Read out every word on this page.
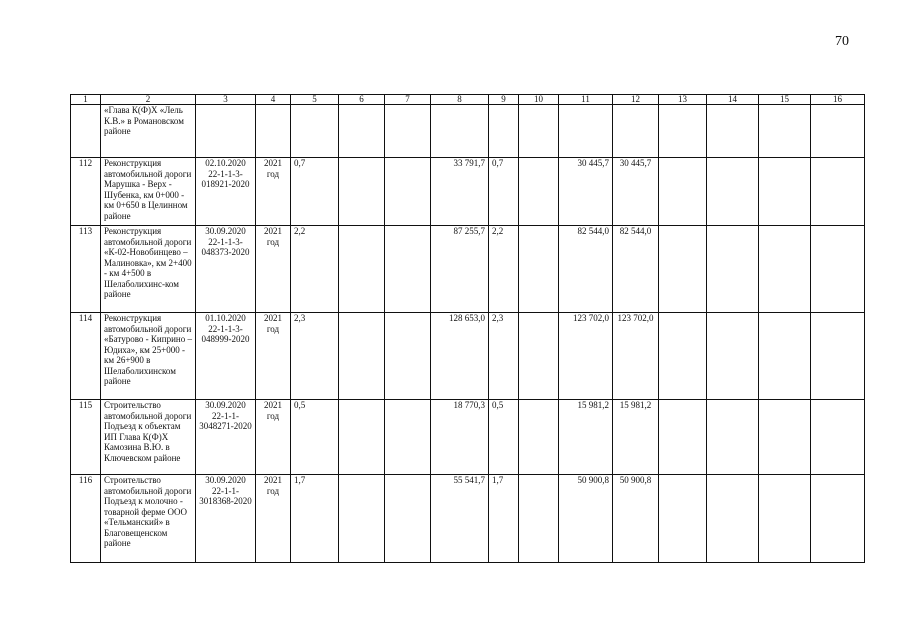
70
1	2	3	4	5	6	7	8	9	10	11	12	13	14	15	16
	«Глава К(Ф)Х «Лель К.В.» в Романовском районе														
112	Реконструкция автомобильной дороги Марушка - Верх - Шубенка, км 0+000 - км 0+650 в Целинном районе	02.10.2020 22-1-1-3-018921-2020	2021 год	0,7			33 791,7	0,7		30 445,7	30 445,7				
113	Реконструкция автомобильной дороги «К-02-Новобинцево – Малиновка», км 2+400 - км 4+500 в Шелаболихинс-ком районе	30.09.2020 22-1-1-3-048373-2020	2021 год	2,2			87 255,7	2,2		82 544,0	82 544,0				
114	Реконструкция автомобильной дороги «Батурово - Киприно – Юдиха», км 25+000 - км 26+900 в Шелаболихинском районе	01.10.2020 22-1-1-3-048999-2020	2021 год	2,3			128 653,0	2,3		123 702,0	123 702,0				
115	Строительство автомобильной дороги Подъезд к объектам ИП Глава К(Ф)Х Камозина В.Ю. в Ключевском районе	30.09.2020 22-1-1-3048271-2020	2021 год	0,5			18 770,3	0,5		15 981,2	15 981,2				
116	Строительство автомобильной дороги Подъезд к молочно - товарной ферме ООО «Тельманский» в Благовещенском районе	30.09.2020 22-1-1-3018368-2020	2021 год	1,7			55 541,7	1,7		50 900,8	50 900,8				
